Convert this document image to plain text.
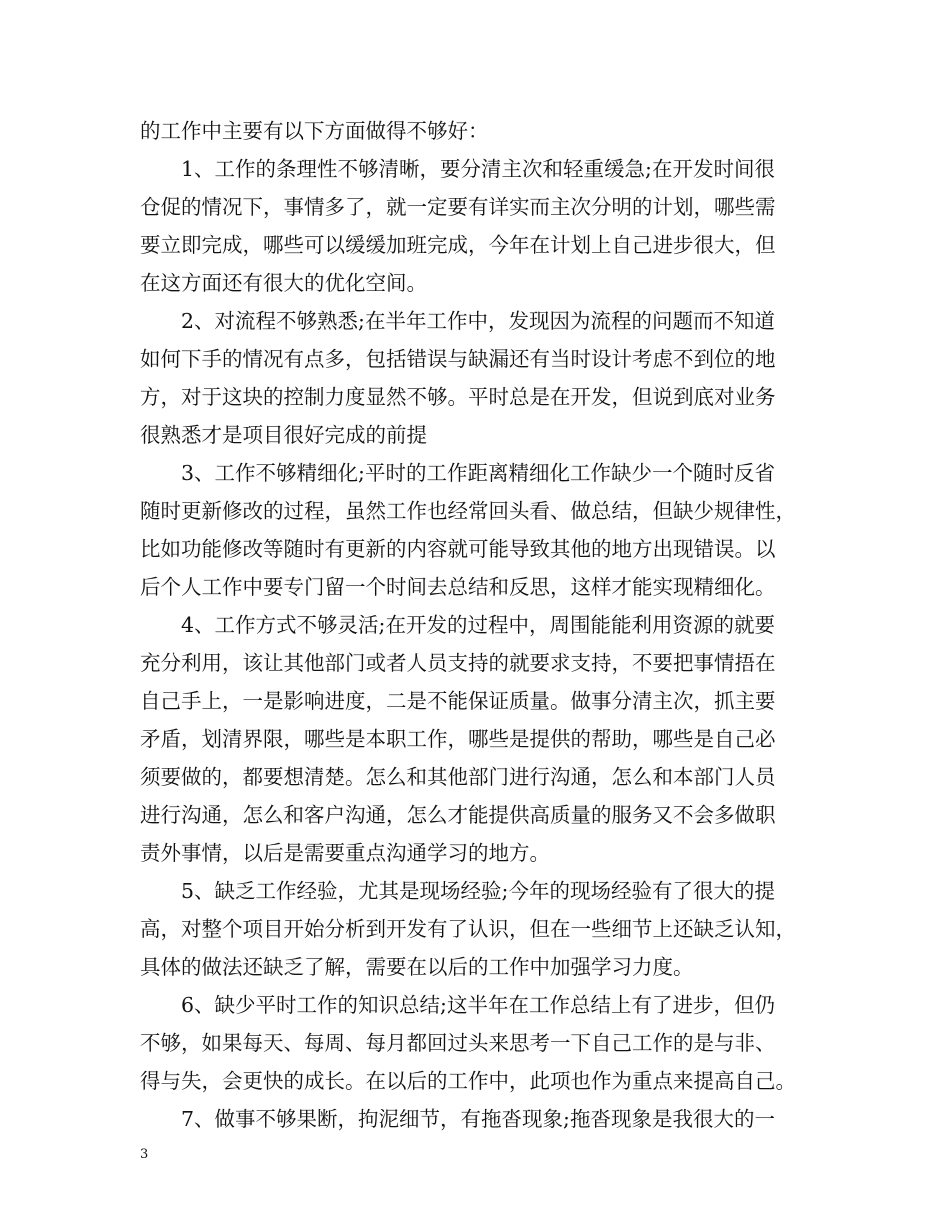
的工作中主要有以下方面做得不够好：
1、工作的条理性不够清晰，要分清主次和轻重缓急;在开发时间很
仓促的情况下，事情多了，就一定要有详实而主次分明的计划，哪些需
要立即完成，哪些可以缓缓加班完成，今年在计划上自己进步很大，但
在这方面还有很大的优化空间。
2、对流程不够熟悉;在半年工作中，发现因为流程的问题而不知道
如何下手的情况有点多，包括错误与缺漏还有当时设计考虑不到位的地
方，对于这块的控制力度显然不够。平时总是在开发，但说到底对业务
很熟悉才是项目很好完成的前提
3、工作不够精细化;平时的工作距离精细化工作缺少一个随时反省
随时更新修改的过程，虽然工作也经常回头看、做总结，但缺少规律性，
比如功能修改等随时有更新的内容就可能导致其他的地方出现错误。以
后个人工作中要专门留一个时间去总结和反思，这样才能实现精细化。
4、工作方式不够灵活;在开发的过程中，周围能能利用资源的就要
充分利用，该让其他部门或者人员支持的就要求支持，不要把事情捂在
自己手上，一是影响进度，二是不能保证质量。做事分清主次，抓主要
矛盾，划清界限，哪些是本职工作，哪些是提供的帮助，哪些是自己必
须要做的，都要想清楚。怎么和其他部门进行沟通，怎么和本部门人员
进行沟通，怎么和客户沟通，怎么才能提供高质量的服务又不会多做职
责外事情，以后是需要重点沟通学习的地方。
5、缺乏工作经验，尤其是现场经验;今年的现场经验有了很大的提
高，对整个项目开始分析到开发有了认识，但在一些细节上还缺乏认知，
具体的做法还缺乏了解，需要在以后的工作中加强学习力度。
6、缺少平时工作的知识总结;这半年在工作总结上有了进步，但仍
不够，如果每天、每周、每月都回过头来思考一下自己工作的是与非、
得与失，会更快的成长。在以后的工作中，此项也作为重点来提高自己。
7、做事不够果断，拘泥细节，有拖沓现象;拖沓现象是我很大的一
3
